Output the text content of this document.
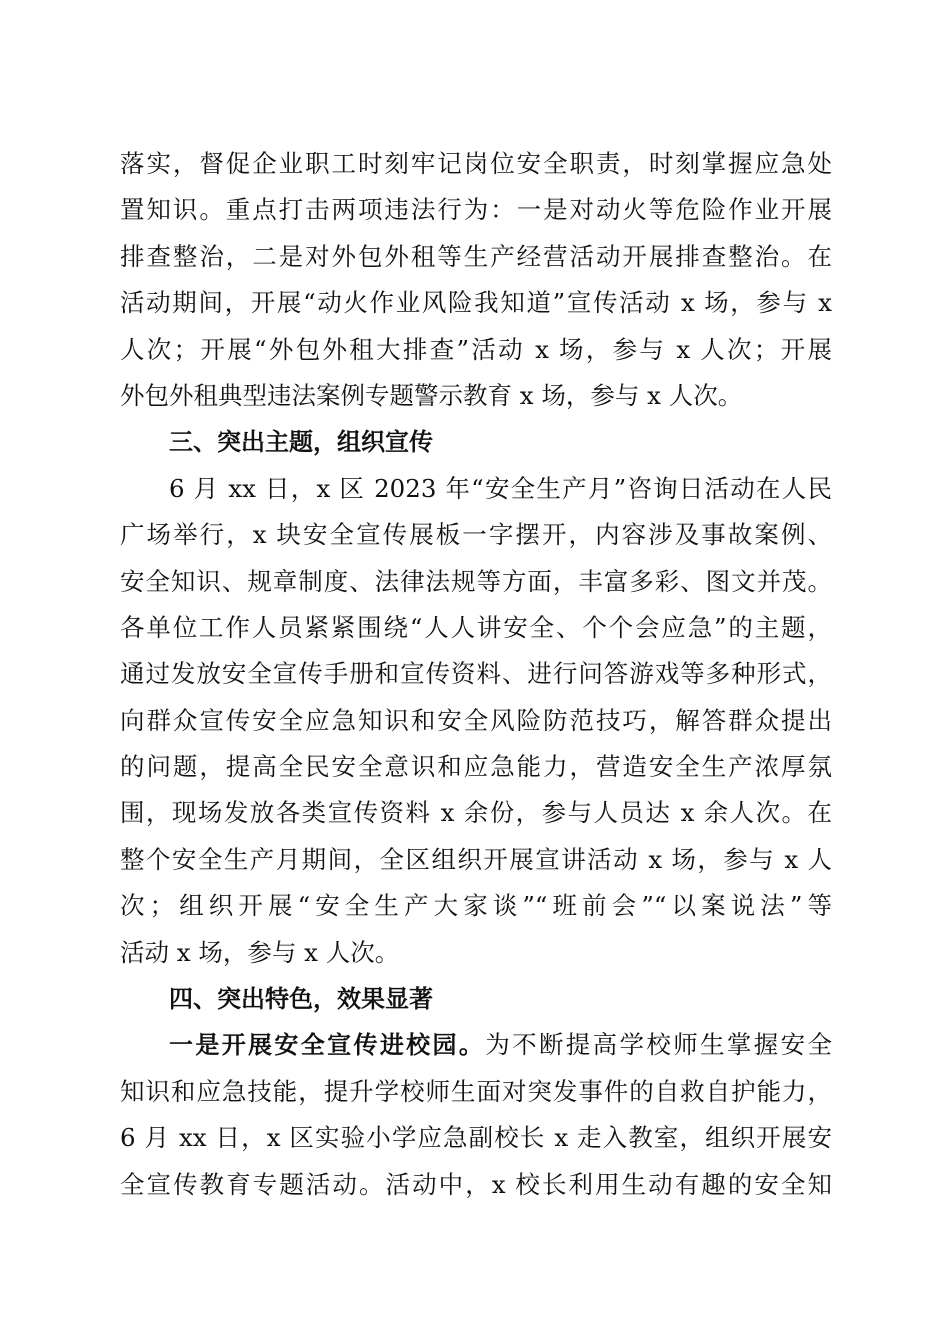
落实，督促企业职工时刻牢记岗位安全职责，时刻掌握应急处
置知识。重点打击两项违法行为：一是对动火等危险作业开展
排查整治，二是对外包外租等生产经营活动开展排查整治。在
活动期间，开展“动火作业风险我知道”宣传活动 x 场，参与 x
人次；开展“外包外租大排查”活动 x 场，参与 x 人次；开展
外包外租典型违法案例专题警示教育 x 场，参与 x 人次。
三、突出主题，组织宣传
6 月 xx 日，x 区 2023 年“安全生产月”咨询日活动在人民
广场举行，x 块安全宣传展板一字摆开，内容涉及事故案例、
安全知识、规章制度、法律法规等方面，丰富多彩、图文并茂。
各单位工作人员紧紧围绕“人人讲安全、个个会应急”的主题，
通过发放安全宣传手册和宣传资料、进行问答游戏等多种形式，
向群众宣传安全应急知识和安全风险防范技巧，解答群众提出
的问题，提高全民安全意识和应急能力，营造安全生产浓厚氛
围，现场发放各类宣传资料 x 余份，参与人员达 x 余人次。在
整个安全生产月期间，全区组织开展宣讲活动 x 场，参与 x 人
次；组织开展“安全生产大家谈”“班前会”“以案说法”等
活动 x 场，参与 x 人次。
四、突出特色，效果显著
一是开展安全宣传进校园。为不断提高学校师生掌握安全
知识和应急技能，提升学校师生面对突发事件的自救自护能力，
6 月 xx 日，x 区实验小学应急副校长 x 走入教室，组织开展安
全宣传教育专题活动。活动中，x 校长利用生动有趣的安全知
